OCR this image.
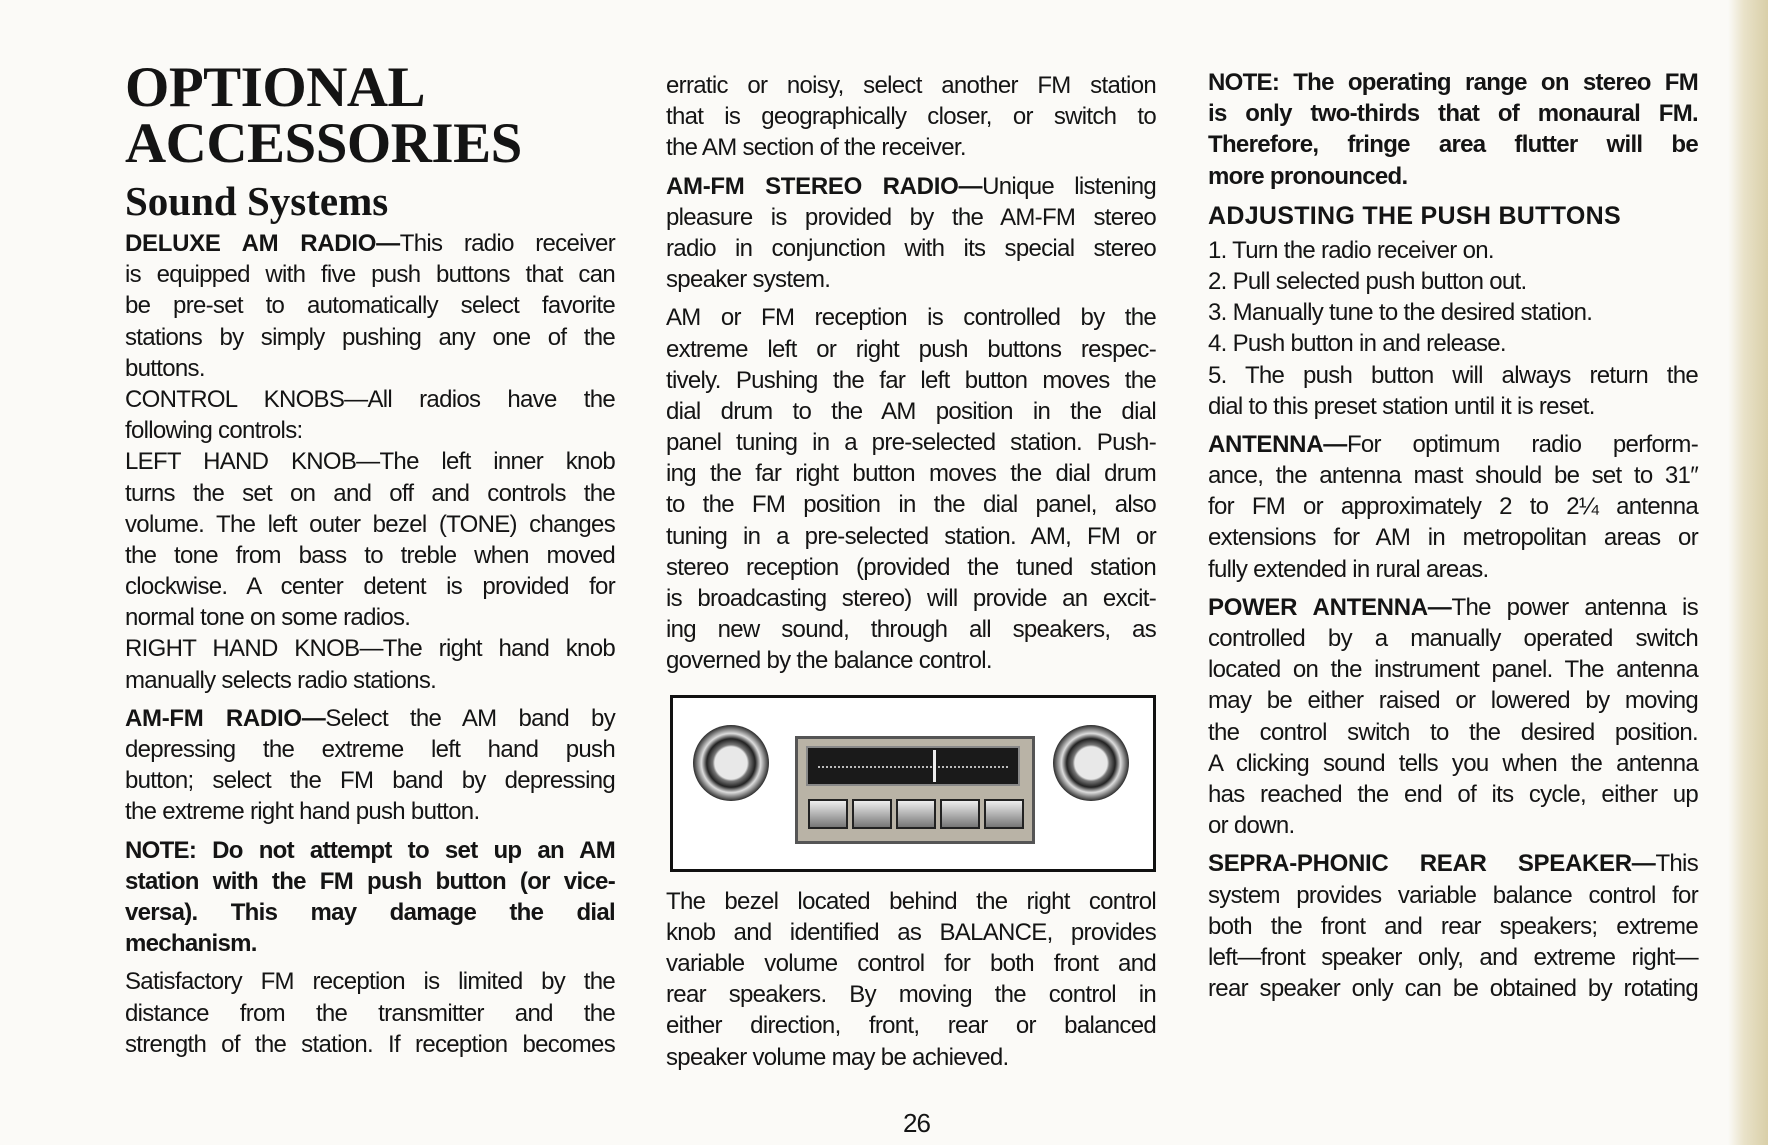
OPTIONAL
ACCESSORIES
Sound Systems
DELUXE AM RADIO—This radio receiver
is equipped with five push buttons that can
be pre-set to automatically select favorite
stations by simply pushing any one of the
buttons.
CONTROL KNOBS—All radios have the
following controls:
LEFT HAND KNOB—The left inner knob
turns the set on and off and controls the
volume. The left outer bezel (TONE) changes
the tone from bass to treble when moved
clockwise. A center detent is provided for
normal tone on some radios.
RIGHT HAND KNOB—The right hand knob
manually selects radio stations.
AM-FM RADIO—Select the AM band by
depressing the extreme left hand push
button; select the FM band by depressing
the extreme right hand push button.
NOTE: Do not attempt to set up an AM
station with the FM push button (or vice-
versa). This may damage the dial
mechanism.
Satisfactory FM reception is limited by the
distance from the transmitter and the
strength of the station. If reception becomes
erratic or noisy, select another FM station
that is geographically closer, or switch to
the AM section of the receiver.
AM-FM STEREO RADIO—Unique listening
pleasure is provided by the AM-FM stereo
radio in conjunction with its special stereo
speaker system.
AM or FM reception is controlled by the
extreme left or right push buttons respec-
tively. Pushing the far left button moves the
dial drum to the AM position in the dial
panel tuning in a pre-selected station. Push-
ing the far right button moves the dial drum
to the FM position in the dial panel, also
tuning in a pre-selected station. AM, FM or
stereo reception (provided the tuned station
is broadcasting stereo) will provide an excit-
ing new sound, through all speakers, as
governed by the balance control.
The bezel located behind the right control
knob and identified as BALANCE, provides
variable volume control for both front and
rear speakers. By moving the control in
either direction, front, rear or balanced
speaker volume may be achieved.
NOTE: The operating range on stereo FM
is only two-thirds that of monaural FM.
Therefore, fringe area flutter will be
more pronounced.
ADJUSTING THE PUSH BUTTONS
1. Turn the radio receiver on.
2. Pull selected push button out.
3. Manually tune to the desired station.
4. Push button in and release.
5. The push button will always return the
dial to this preset station until it is reset.
ANTENNA—For optimum radio perform-
ance, the antenna mast should be set to 31″
for FM or approximately 2 to 2¼ antenna
extensions for AM in metropolitan areas or
fully extended in rural areas.
POWER ANTENNA—The power antenna is
controlled by a manually operated switch
located on the instrument panel. The antenna
may be either raised or lowered by moving
the control switch to the desired position.
A clicking sound tells you when the antenna
has reached the end of its cycle, either up
or down.
SEPRA-PHONIC REAR SPEAKER—This
system provides variable balance control for
both the front and rear speakers; extreme
left—front speaker only, and extreme right—
rear speaker only can be obtained by rotating
26
